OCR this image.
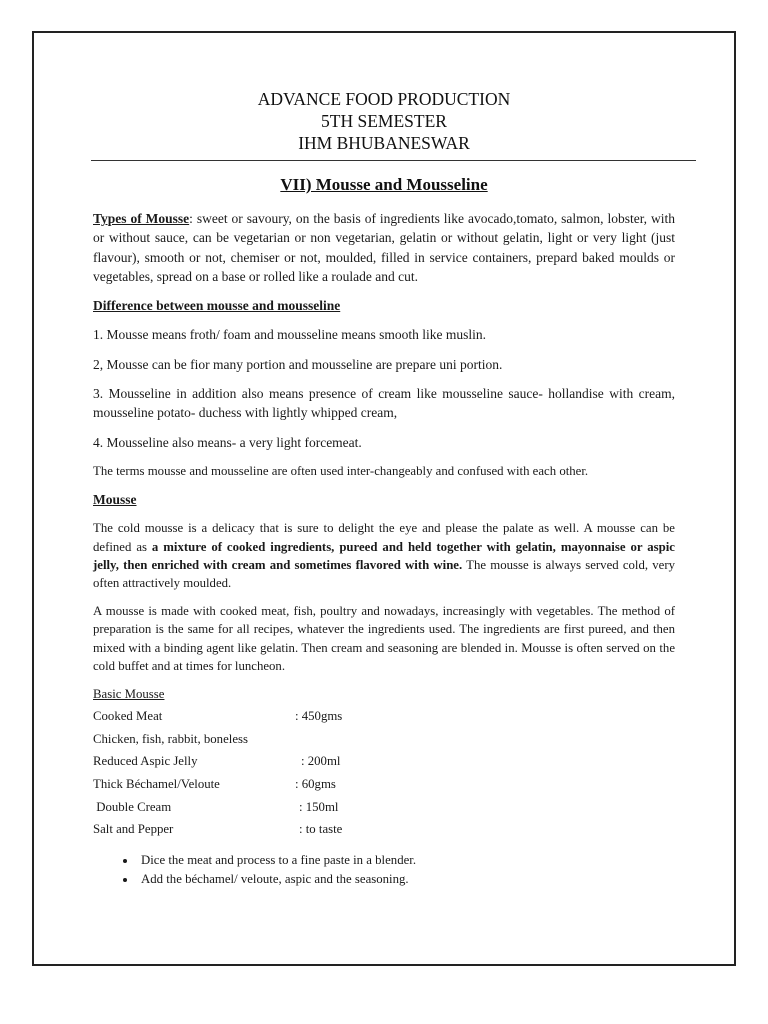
ADVANCE FOOD PRODUCTION
5TH SEMESTER
IHM BHUBANESWAR
VII) Mousse and Mousseline

Types of Mousse: sweet or savoury, on the basis of ingredients like avocado,tomato, salmon, lobster, with or without sauce, can be vegetarian or non vegetarian, gelatin or without gelatin, light or very light (just flavour), smooth or not, chemiser or not, moulded, filled in service containers, prepard baked moulds or vegetables, spread on a base or rolled like a roulade and cut.

Difference between mousse and mousseline

1. Mousse means froth/ foam and mousseline means smooth like muslin.

2, Mousse can be fior many portion and mousseline are prepare uni portion.

3. Mousseline in addition also means presence of cream like mousseline sauce- hollandise with cream, mousseline potato- duchess with lightly whipped cream,

4. Mousseline also means- a very light forcemeat.

The terms mousse and mousseline are often used inter-changeably and confused with each other.

Mousse

The cold mousse is a delicacy that is sure to delight the eye and please the palate as well. A mousse can be defined as a mixture of cooked ingredients, pureed and held together with gelatin, mayonnaise or aspic jelly, then enriched with cream and sometimes flavored with wine. The mousse is always served cold, very often attractively moulded.

A mousse is made with cooked meat, fish, poultry and nowadays, increasingly with vegetables. The method of preparation is the same for all recipes, whatever the ingredients used. The ingredients are first pureed, and then mixed with a binding agent like gelatin. Then cream and seasoning are blended in. Mousse is often served on the cold buffet and at times for luncheon.

Basic Mousse

Cooked Meat	: 450gms
Chicken, fish, rabbit, boneless	
Reduced Aspic Jelly	: 200ml
Thick Béchamel/Veloute	: 60gms
Double Cream	: 150ml
Salt and Pepper	: to taste
• Dice the meat and process to a fine paste in a blender.
• Add the béchamel/ veloute, aspic and the seasoning.
